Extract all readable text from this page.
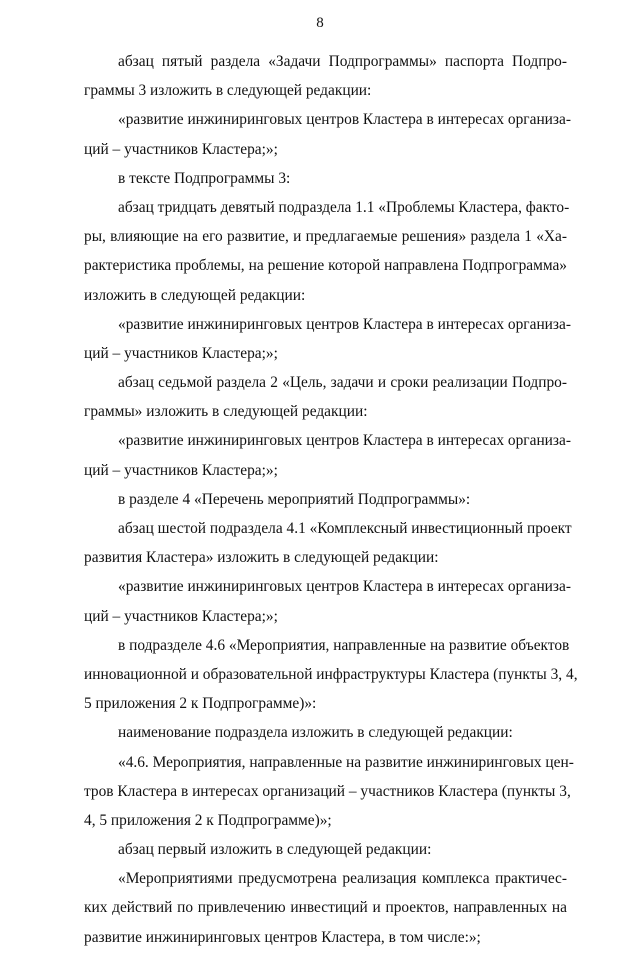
8
абзац пятый раздела «Задачи Подпрограммы» паспорта Подпро-
граммы 3 изложить в следующей редакции:
«развитие инжиниринговых центров Кластера в интересах организа-
ций – участников Кластера;»;
в тексте Подпрограммы 3:
абзац тридцать девятый подраздела 1.1 «Проблемы Кластера, факто-
ры, влияющие на его развитие, и предлагаемые решения» раздела 1 «Ха-
рактеристика проблемы, на решение которой направлена Подпрограмма»
изложить в следующей редакции:
«развитие инжиниринговых центров Кластера в интересах организа-
ций – участников Кластера;»;
абзац седьмой раздела 2 «Цель, задачи и сроки реализации Подпро-
граммы» изложить в следующей редакции:
«развитие инжиниринговых центров Кластера в интересах организа-
ций – участников Кластера;»;
в разделе 4 «Перечень мероприятий Подпрограммы»:
абзац шестой подраздела 4.1 «Комплексный инвестиционный проект
развития Кластера» изложить в следующей редакции:
«развитие инжиниринговых центров Кластера в интересах организа-
ций – участников Кластера;»;
в подразделе 4.6 «Мероприятия, направленные на развитие объектов
инновационной и образовательной инфраструктуры Кластера (пункты 3, 4,
5 приложения 2 к Подпрограмме)»:
наименование подраздела изложить в следующей редакции:
«4.6. Мероприятия, направленные на развитие инжиниринговых цен-
тров Кластера в интересах организаций – участников Кластера (пункты 3,
4, 5 приложения 2 к Подпрограмме)»;
абзац первый изложить в следующей редакции:
«Мероприятиями предусмотрена реализация комплекса практичес-
ких действий по привлечению инвестиций и проектов, направленных на
развитие инжиниринговых центров Кластера, в том числе:»;
